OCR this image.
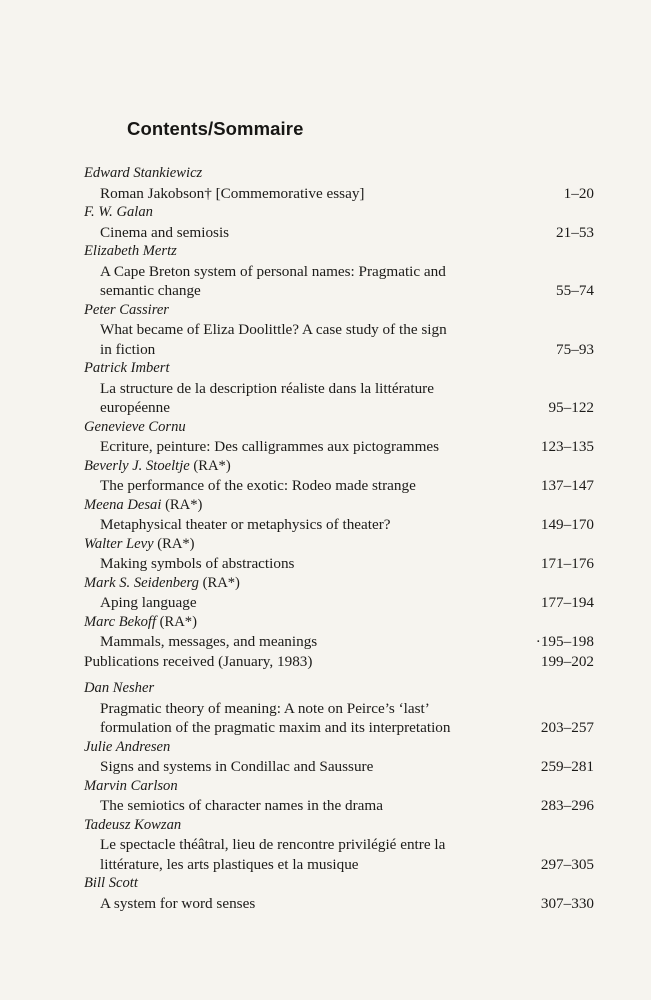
Contents/Sommaire
Edward Stankiewicz
Roman Jakobson† [Commemorative essay]	1–20
F. W. Galan
Cinema and semiosis	21–53
Elizabeth Mertz
A Cape Breton system of personal names: Pragmatic and
semantic change	55–74
Peter Cassirer
What became of Eliza Doolittle? A case study of the sign
in fiction	75–93
Patrick Imbert
La structure de la description réaliste dans la littérature
européenne	95–122
Genevieve Cornu
Ecriture, peinture: Des calligrammes aux pictogrammes	123–135
Beverly J. Stoeltje (RA*)
The performance of the exotic: Rodeo made strange	137–147
Meena Desai (RA*)
Metaphysical theater or metaphysics of theater?	149–170
Walter Levy (RA*)
Making symbols of abstractions	171–176
Mark S. Seidenberg (RA*)
Aping language	177–194
Marc Bekoff (RA*)
Mammals, messages, and meanings	·195–198
Publications received (January, 1983)	199–202
Dan Nesher
Pragmatic theory of meaning: A note on Peirce’s ‘last’
formulation of the pragmatic maxim and its interpretation	203–257
Julie Andresen
Signs and systems in Condillac and Saussure	259–281
Marvin Carlson
The semiotics of character names in the drama	283–296
Tadeusz Kowzan
Le spectacle théâtral, lieu de rencontre privilégié entre la
littérature, les arts plastiques et la musique	297–305
Bill Scott
A system for word senses	307–330
